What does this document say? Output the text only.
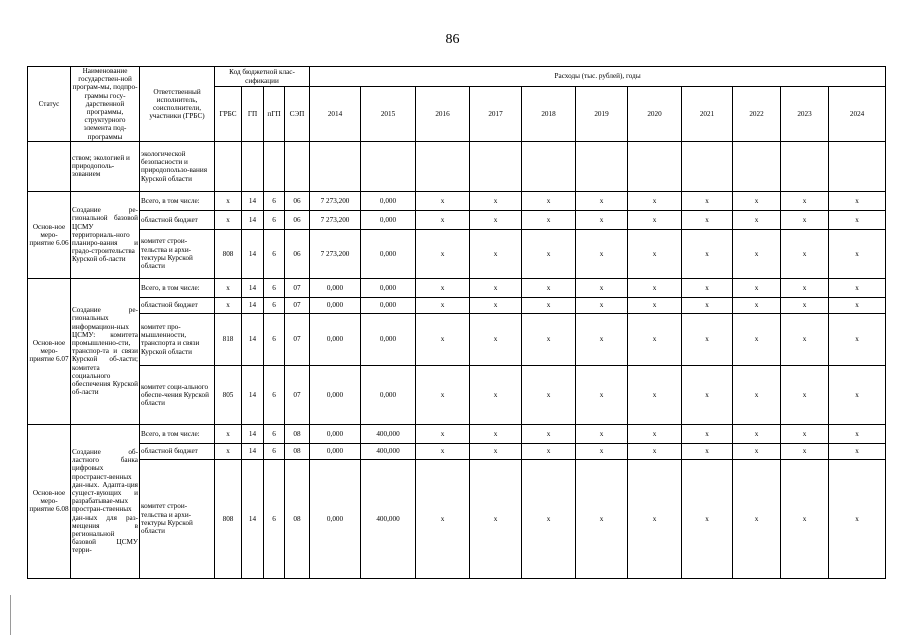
86
Статус	Наименование государствен-ной програм-мы, подпро-граммы госу-дарственной программы, структурного элемента под-программы	Ответственный исполнитель, соисполнители, участники (ГРБС)	Код бюджетной клас-сификации				Расходы (тыс. рублей), годы										
			ГРБС	ГП	пГП	СЭП	2014	2015	2016	2017	2018	2019	2020	2021	2022	2023	2024
	ством; экологией и природополь-зованием	экологической безопасности и природопользо-вания Курской области															
Основ-ное меро-приятие 6.06	Создание ре-гиональной базовой ЦСМУ территориаль-ного планиро-вания и градо-строительства Курской об-ласти	Всего, в том числе:	x	14	6	06	7 273,200	0,000	x	x	x	x	x	x	x	x	x
		областной бюджет	x	14	6	06	7 273,200	0,000	x	x	x	x	x	x	x	x	x
		комитет строи-тельства и архи-тектуры Курской области	808	14	6	06	7 273,200	0,000	x	x	x	x	x	x	x	x	x
Основ-ное меро-приятие 6.07	Создание ре-гиональных информацион-ных ЦСМУ: комитета промышленно-сти, транспор-та и связи Курской об-ласти; комитета социального обеспечения Курской об-ласти	Всего, в том числе:	x	14	6	07	0,000	0,000	x	x	x	x	x	x	x	x	x
		областной бюджет	x	14	6	07	0,000	0,000	x	x	x	x	x	x	x	x	x
		комитет про-мышленности, транспорта и связи Курской области	818	14	6	07	0,000	0,000	x	x	x	x	x	x	x	x	x
		комитет соци-ального обеспе-чения Курской области	805	14	6	07	0,000	0,000	x	x	x	x	x	x	x	x	x
Основ-ное меро-приятие 6.08	Создание об-ластного банка цифровых пространст-венных дан-ных. Адапта-ция сущест-вующих и разрабатывае-мых простран-ственных дан-ных для раз-мещения в региональной базовой ЦСМУ терри-	Всего, в том числе:	x	14	6	08	0,000	400,000	x	x	x	x	x	x	x	x	x
		областной бюджет	x	14	6	08	0,000	400,000	x	x	x	x	x	x	x	x	x
		комитет строи-тельства и архи-тектуры Курской области	808	14	6	08	0,000	400,000	x	x	x	x	x	x	x	x	x
